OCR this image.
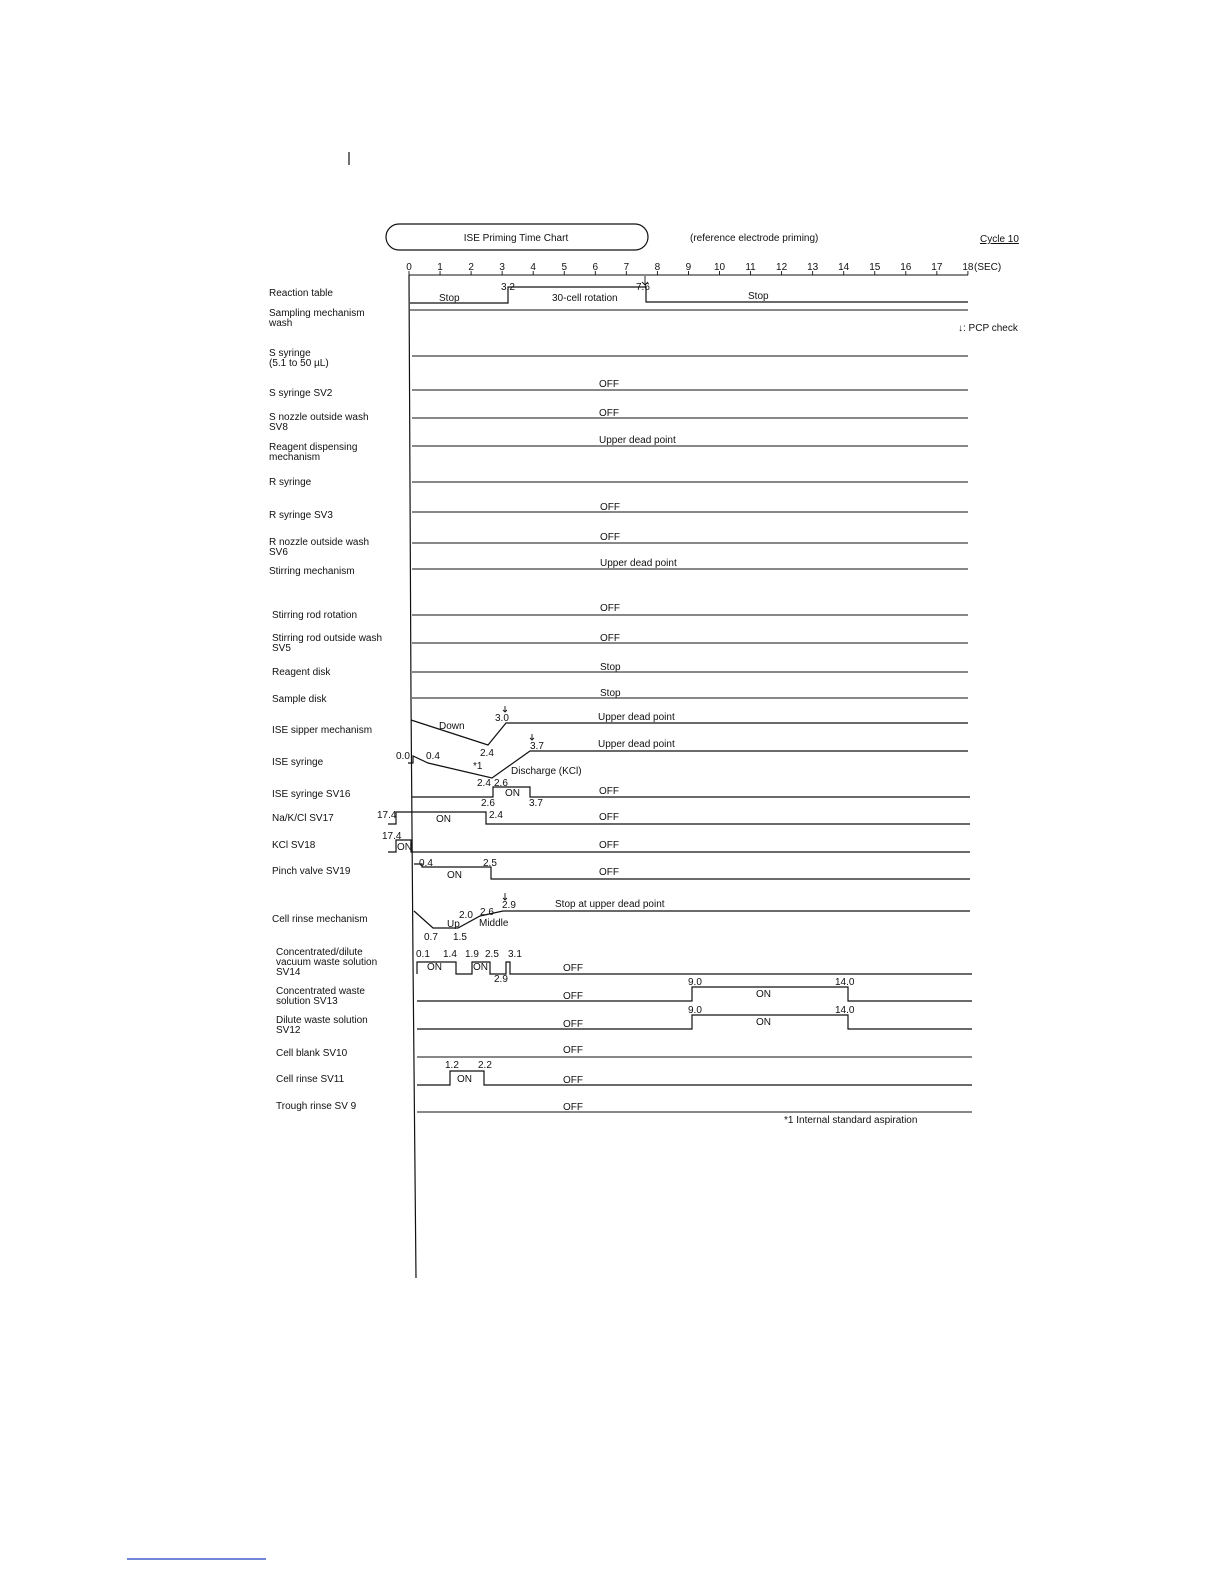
ISE Priming Time Chart	(reference electrode priming)	Cycle 10
↓: PCP check
(SEC)
0	1	2	3	4	5	6	7	8	9 10 11 12 13 14 15 16 17 18
Reaction table
Sampling mechanism
wash
S syringe
(5.1 to 50 µL)
S syringe SV2
OFF
S nozzle outside wash
SV8
OFF
Reagent dispensing
mechanism
Upper dead point
R syringe
R syringe SV3
OFF
R nozzle outside wash
SV6
OFF
Stirring mechanism
Upper dead point
Stirring rod rotation
OFF
Stirring rod outside wash
SV5
OFF
Reagent disk	Stop
Sample disk
Stop
ISE sipper mechanism
ISE syringe
ISE syringe SV16
Na/K/Cl SV17
KCl SV18
Pinch valve SV19
Cell rinse mechanism
Concentrated/dilute
vacuum waste solution
SV14
Concentrated waste
solution SV13
Dilute waste solution
SV12
Cell blank SV10	OFF
Cell rinse SV11
Trough rinse SV 9	OFF
Stop	30-cell rotation	Stop
3.2	7.6
Down
3.0
2.4
*1
Upper dead point
0.0 0.4
3.7	Upper dead point
Discharge (KCl)
2.4 2.6
ON	OFF
2.6	3.7
17.4	ON	2.4	OFF
17.4
ON	OFF
0.4	2.5
ON	OFF
2.9	Stop at upper dead point
2.0 2.6
Up Middle
0.7 1.5
0.1 1.4 1.9 2.5 3.1
ON	ON	OFF
2.9	9.0	14.0
ON
OFF
9.0	14.0
ON
OFF
1.2 2.2
ON	OFF
*1 Internal standard aspiration
